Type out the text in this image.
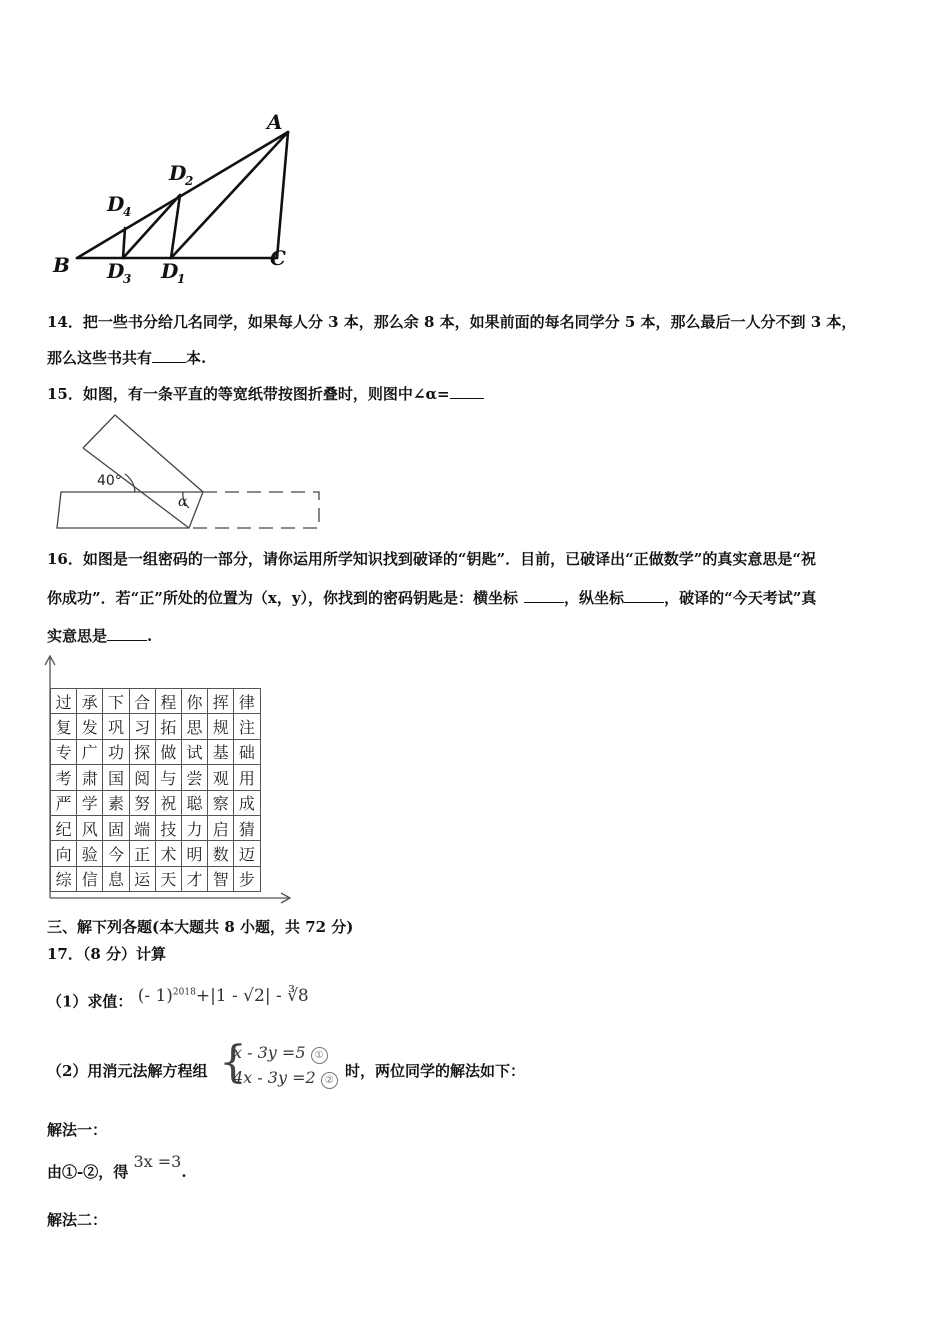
A
B	C
D
2
D
4
D
3 D
1
14．把一些书分给几名同学，如果每人分 3 本，那么余 8 本，如果前面的每名同学分 5 本，那么最后一人分不到 3 本，
那么这些书共有 本.
15．如图，有一条平直的等宽纸带按图折叠时，则图中∠α=
40°
α
16．如图是一组密码的一部分，请你运用所学知识找到破译的“钥匙”．目前，已破译出“正做数学”的真实意思是“祝
你成功”．若“正”所处的位置为（x，y），你找到的密码钥匙是：横坐标	，纵坐标	，破译的“今天考试”真
实意思是	.
过	承	下	合	程	你	挥	律
复	发	巩	习	拓	思	规	注
专	广	功	探	做	试	基	础
考	肃	国	阅	与	尝	观	用
严	学	素	努	祝	聪	察	成
纪	风	固	端	技	力	启	猜
向	验	今	正	术	明	数	迈
综	信	息	运	天	才	智	步
三、解下列各题(本大题共 8 小题，共 72 分)
17．（8 分）计算
（1）求值： (- 1)$^{2018}$+|1 - √2| - ∛8
（2）用消元法解方程组 {
x - 3y =5 ①
4x - 3y =2 ②
时，两位同学的解法如下：
解法一：
由①-②，得 3x =3.
解法二：
